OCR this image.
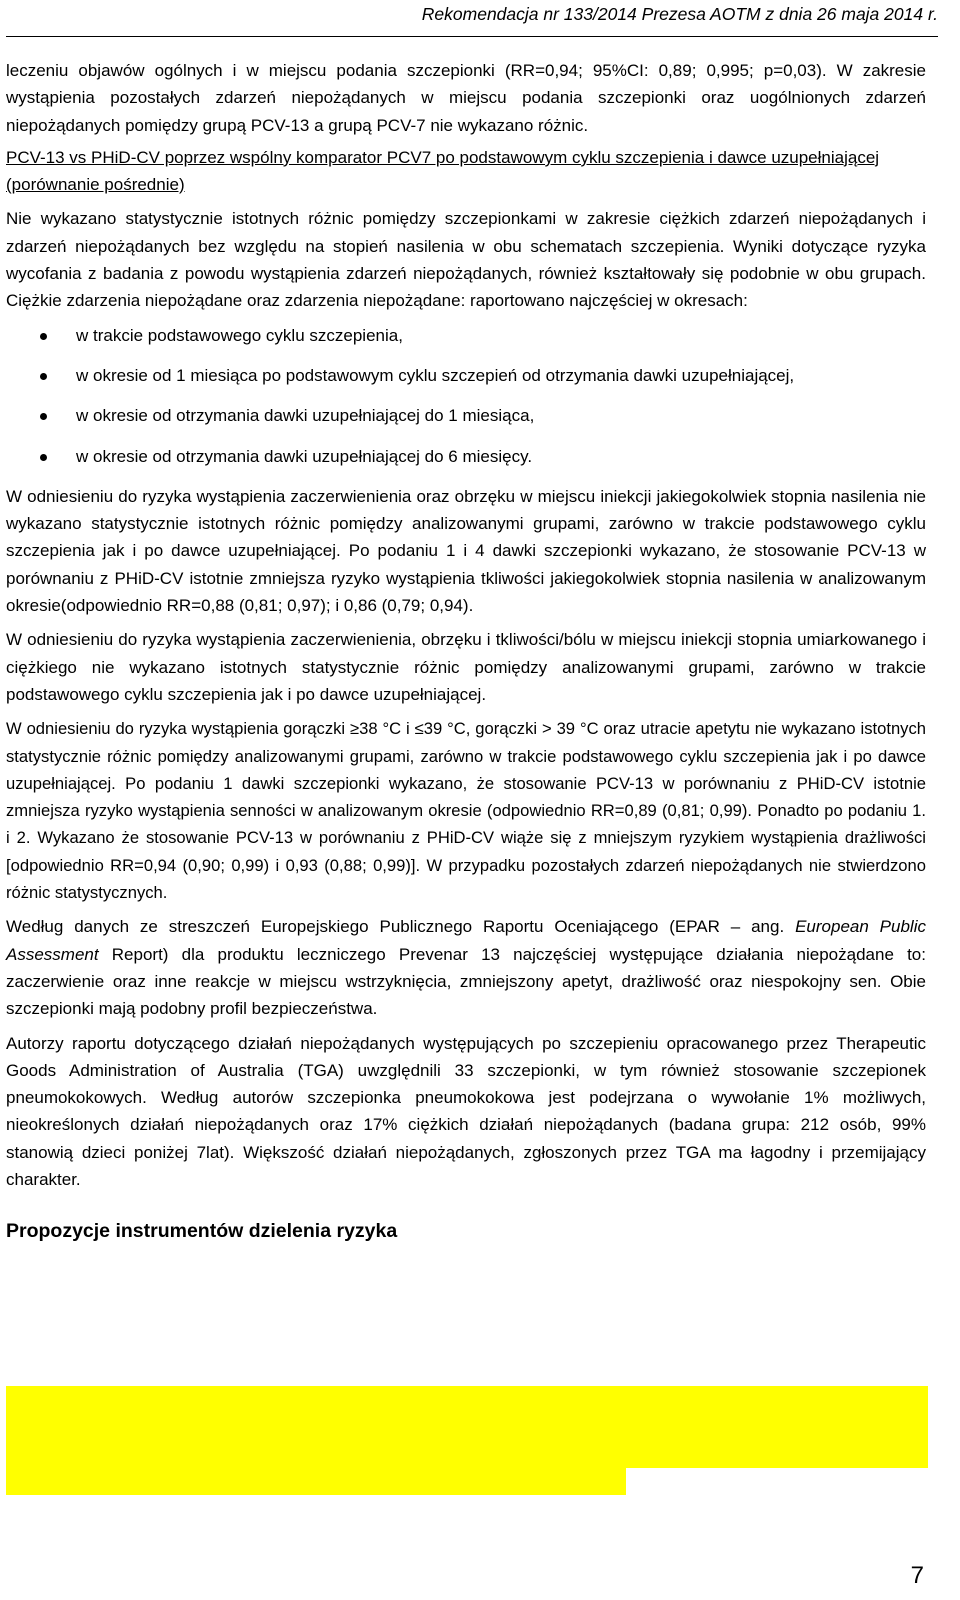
Rekomendacja nr 133/2014 Prezesa AOTM z dnia 26 maja 2014 r.

leczeniu objawów ogólnych i w miejscu podania szczepionki (RR=0,94; 95%CI: 0,89; 0,995; p=0,03). W zakresie wystąpienia pozostałych zdarzeń niepożądanych w miejscu podania szczepionki oraz uogólnionych zdarzeń niepożądanych pomiędzy grupą PCV-13 a grupą PCV-7 nie wykazano różnic.

PCV-13 vs PHiD-CV poprzez wspólny komparator PCV7 po podstawowym cyklu szczepienia i dawce uzupełniającej (porównanie pośrednie)

Nie wykazano statystycznie istotnych różnic pomiędzy szczepionkami w zakresie ciężkich zdarzeń niepożądanych i zdarzeń niepożądanych bez względu na stopień nasilenia w obu schematach szczepienia. Wyniki dotyczące ryzyka wycofania z badania z powodu wystąpienia zdarzeń niepożądanych, również kształtowały się podobnie w obu grupach. Ciężkie zdarzenia niepożądane oraz zdarzenia niepożądane: raportowano najczęściej w okresach:

w trakcie podstawowego cyklu szczepienia,
w okresie od 1 miesiąca po podstawowym cyklu szczepień od otrzymania dawki uzupełniającej,
w okresie od otrzymania dawki uzupełniającej do 1 miesiąca,
w okresie od otrzymania dawki uzupełniającej do 6 miesięcy.

W odniesieniu do ryzyka wystąpienia zaczerwienienia oraz obrzęku w miejscu iniekcji jakiegokolwiek stopnia nasilenia nie wykazano statystycznie istotnych różnic pomiędzy analizowanymi grupami, zarówno w trakcie podstawowego cyklu szczepienia jak i po dawce uzupełniającej. Po podaniu 1 i 4 dawki szczepionki wykazano, że stosowanie PCV-13 w porównaniu z PHiD-CV istotnie zmniejsza ryzyko wystąpienia tkliwości jakiegokolwiek stopnia nasilenia w analizowanym okresie(odpowiednio RR=0,88 (0,81; 0,97); i 0,86 (0,79; 0,94).

W odniesieniu do ryzyka wystąpienia zaczerwienienia, obrzęku i tkliwości/bólu w miejscu iniekcji stopnia umiarkowanego i ciężkiego nie wykazano istotnych statystycznie różnic pomiędzy analizowanymi grupami, zarówno w trakcie podstawowego cyklu szczepienia jak i po dawce uzupełniającej.

W odniesieniu do ryzyka wystąpienia gorączki ≥38 °C i ≤39 °C, gorączki > 39 °C oraz utracie apetytu nie wykazano istotnych statystycznie różnic pomiędzy analizowanymi grupami, zarówno w trakcie podstawowego cyklu szczepienia jak i po dawce uzupełniającej. Po podaniu 1 dawki szczepionki wykazano, że stosowanie PCV-13 w porównaniu z PHiD-CV istotnie zmniejsza ryzyko wystąpienia senności w analizowanym okresie (odpowiednio RR=0,89 (0,81; 0,99). Ponadto po podaniu 1. i 2. Wykazano że stosowanie PCV-13 w porównaniu z PHiD-CV wiąże się z mniejszym ryzykiem wystąpienia drażliwości [odpowiednio RR=0,94 (0,90; 0,99) i 0,93 (0,88; 0,99)]. W przypadku pozostałych zdarzeń niepożądanych nie stwierdzono różnic statystycznych.

Według danych ze streszczeń Europejskiego Publicznego Raportu Oceniającego (EPAR – ang. European Public Assessment Report) dla produktu leczniczego Prevenar 13 najczęściej występujące działania niepożądane to: zaczerwienie oraz inne reakcje w miejscu wstrzyknięcia, zmniejszony apetyt, drażliwość oraz niespokojny sen. Obie szczepionki mają podobny profil bezpieczeństwa.

Autorzy raportu dotyczącego działań niepożądanych występujących po szczepieniu opracowanego przez Therapeutic Goods Administration of Australia (TGA) uwzględnili 33 szczepionki, w tym również stosowanie szczepionek pneumokokowych. Według autorów szczepionka pneumokokowa jest podejrzana o wywołanie 1% możliwych, nieokreślonych działań niepożądanych oraz 17% ciężkich działań niepożądanych (badana grupa: 212 osób, 99% stanowią dzieci poniżej 7lat). Większość działań niepożądanych, zgłoszonych przez TGA ma łagodny i przemijający charakter.

Propozycje instrumentów dzielenia ryzyka
7
